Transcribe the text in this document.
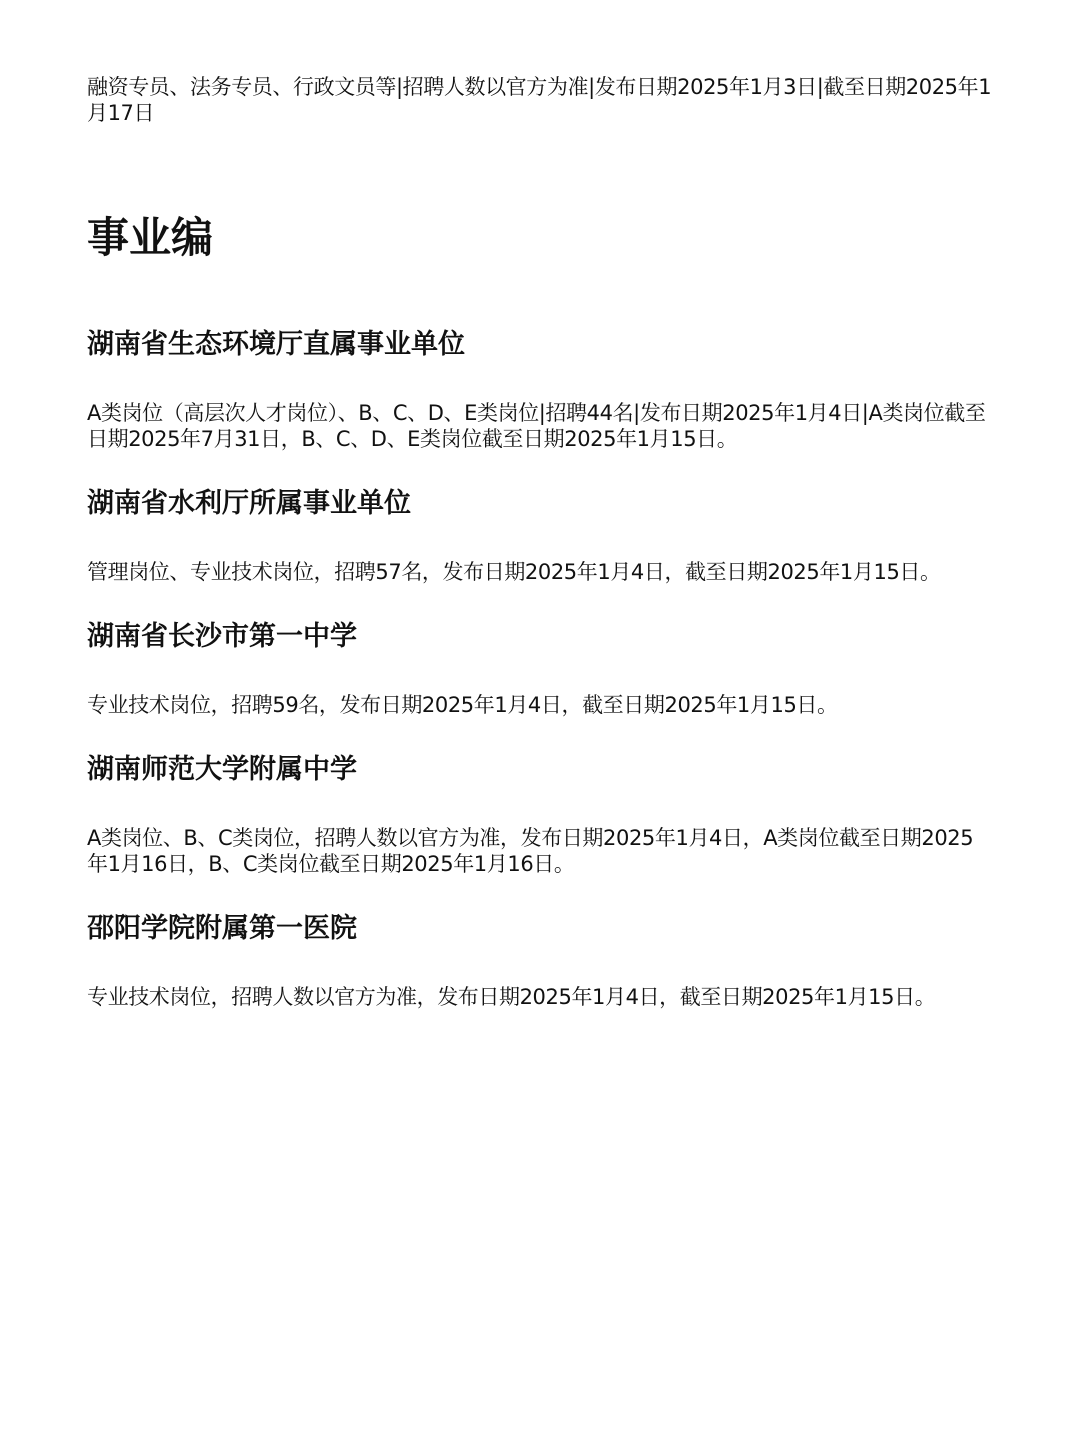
融资专员、法务专员、行政文员等|招聘人数以官方为准|发布日期2025年1月3日|截至日期2025年1月17日

事业编
湖南省生态环境厅直属事业单位

A类岗位（高层次人才岗位）、B、C、D、E类岗位|招聘44名|发布日期2025年1月4日|A类岗位截至日期2025年7月31日，B、C、D、E类岗位截至日期2025年1月15日。

湖南省水利厅所属事业单位

管理岗位、专业技术岗位，招聘57名，发布日期2025年1月4日，截至日期2025年1月15日。

湖南省长沙市第一中学

专业技术岗位，招聘59名，发布日期2025年1月4日，截至日期2025年1月15日。

湖南师范大学附属中学

A类岗位、B、C类岗位，招聘人数以官方为准，发布日期2025年1月4日，A类岗位截至日期2025年1月16日，B、C类岗位截至日期2025年1月16日。

邵阳学院附属第一医院

专业技术岗位，招聘人数以官方为准，发布日期2025年1月4日，截至日期2025年1月15日。
